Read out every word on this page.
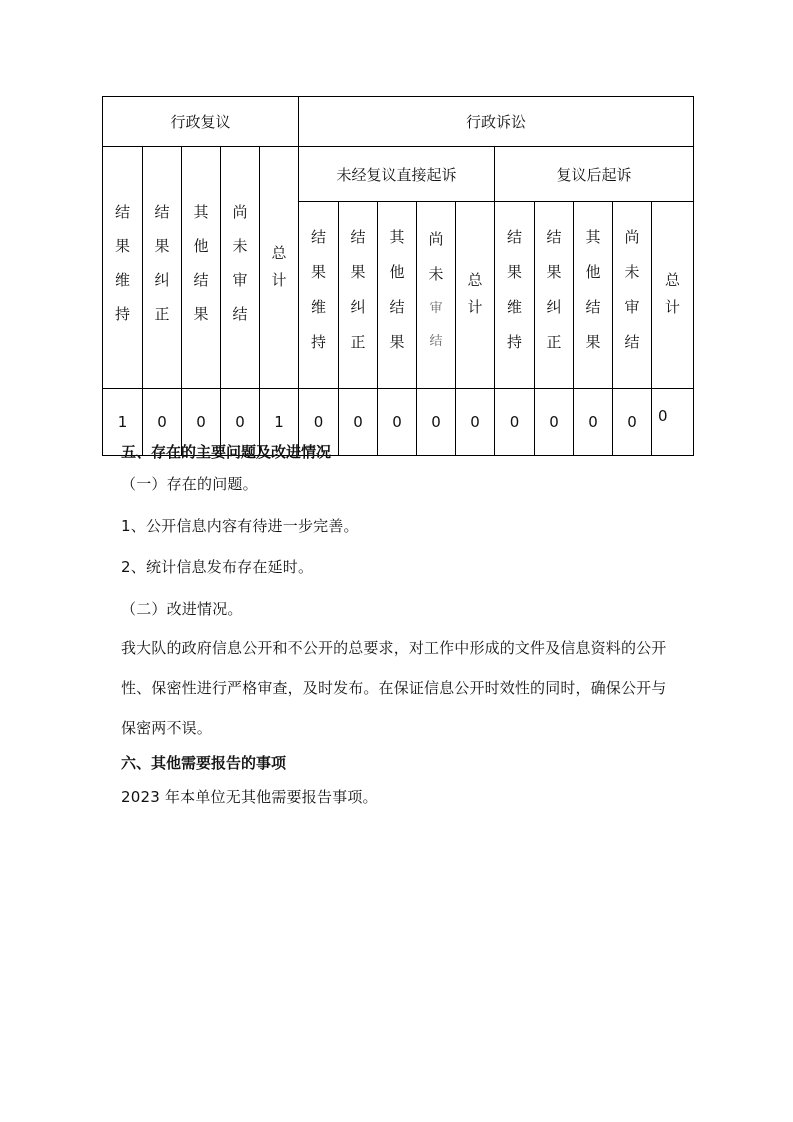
行政复议					行政诉讼									

结
果
维
持	结
果
纠
正	其
他
结
果	尚
未
审
结	总
计	未经复议直接起诉					复议后起诉				

					结
果
维
持	结
果
纠
正	其
他
结
果	尚
未
审
结	总
计	结
果
维
持	结
果
纠
正	其
他
结
果	尚
未
审
结	总
计

1	0	0	0	1	0	0	0	0	0	0	0	0	0	0
五、存在的主要问题及改进情况
（一）存在的问题。
1、公开信息内容有待进一步完善。
2、统计信息发布存在延时。
（二）改进情况。
我大队的政府信息公开和不公开的总要求，对工作中形成的文件及信息资料的公开性、保密性进行严格审查，及时发布。在保证信息公开时效性的同时，确保公开与保密两不误。
六、其他需要报告的事项
2023 年本单位无其他需要报告事项。
